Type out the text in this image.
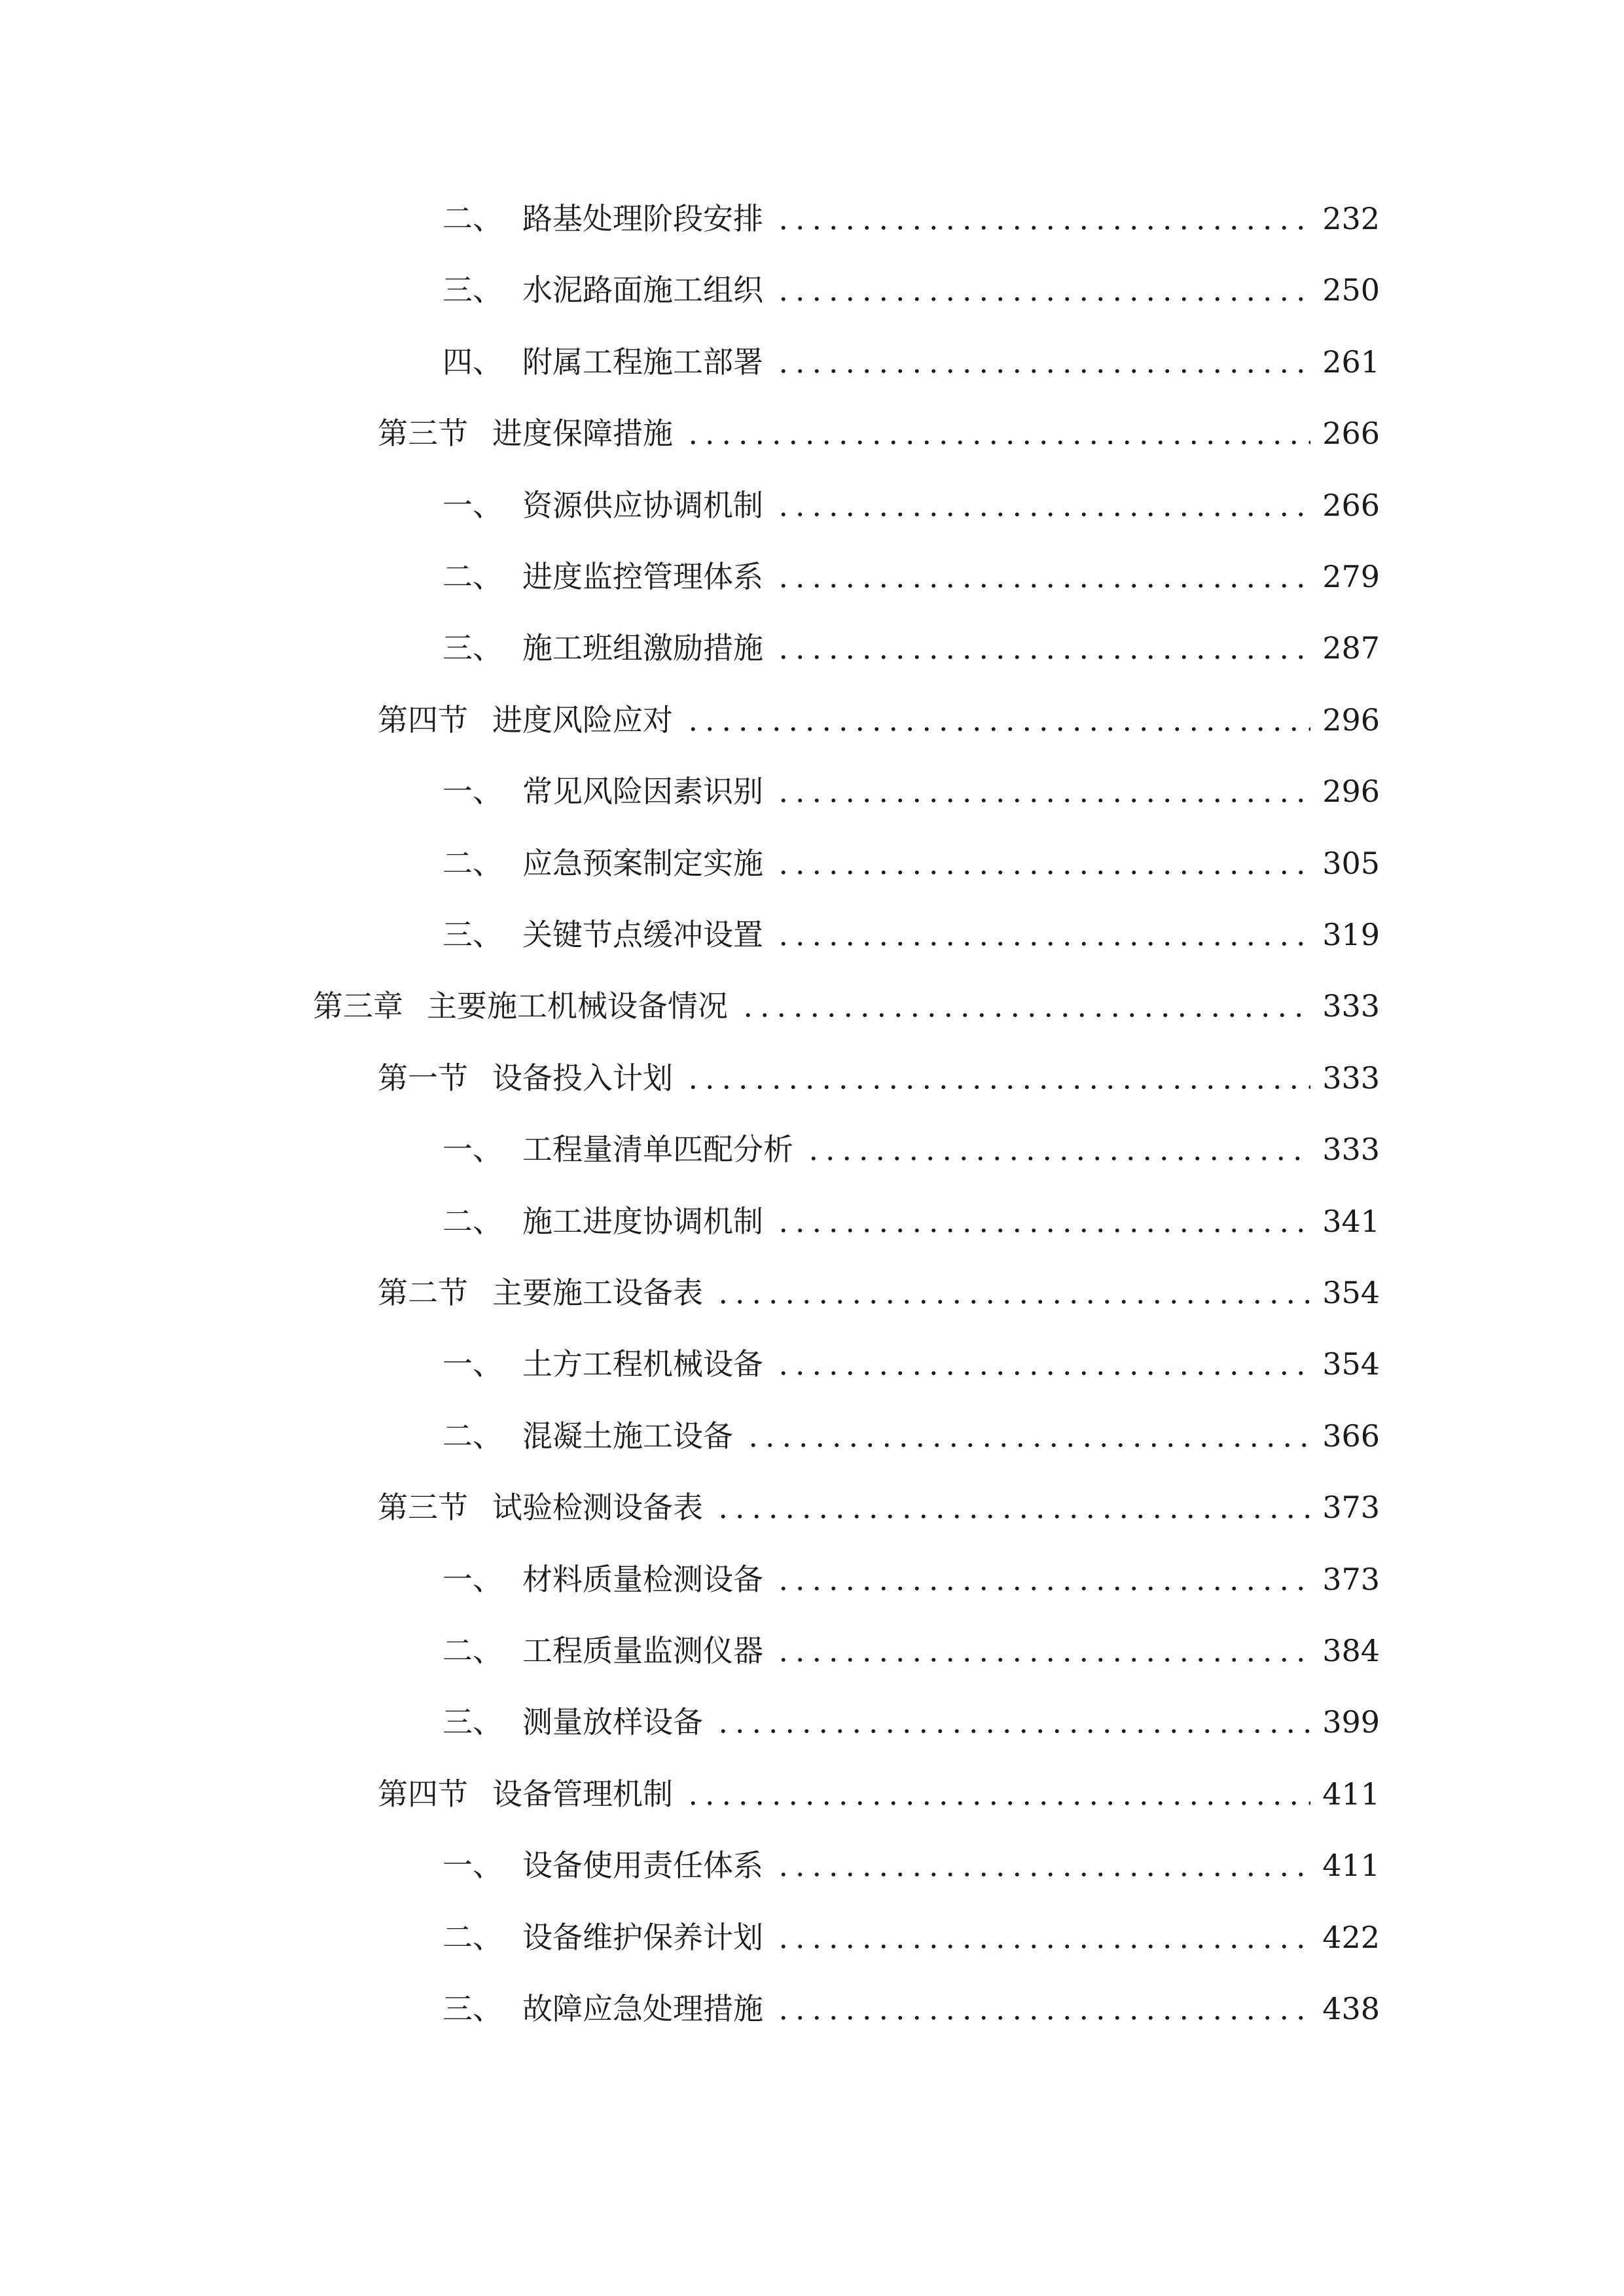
二、 路基处理阶段安排	232
三、 水泥路面施工组织	250
四、 附属工程施工部署	261
第三节 进度保障措施	266
一、 资源供应协调机制	266
二、 进度监控管理体系	279
三、 施工班组激励措施	287
第四节 进度风险应对	296
一、 常见风险因素识别	296
二、 应急预案制定实施	305
三、 关键节点缓冲设置	319
第三章 主要施工机械设备情况	333
第一节 设备投入计划	333
一、 工程量清单匹配分析	333
二、 施工进度协调机制	341
第二节 主要施工设备表	354
一、 土方工程机械设备	354
二、 混凝土施工设备	366
第三节 试验检测设备表	373
一、 材料质量检测设备	373
二、 工程质量监测仪器	384
三、 测量放样设备	399
第四节 设备管理机制	411
一、 设备使用责任体系	411
二、 设备维护保养计划	422
三、 故障应急处理措施	438
